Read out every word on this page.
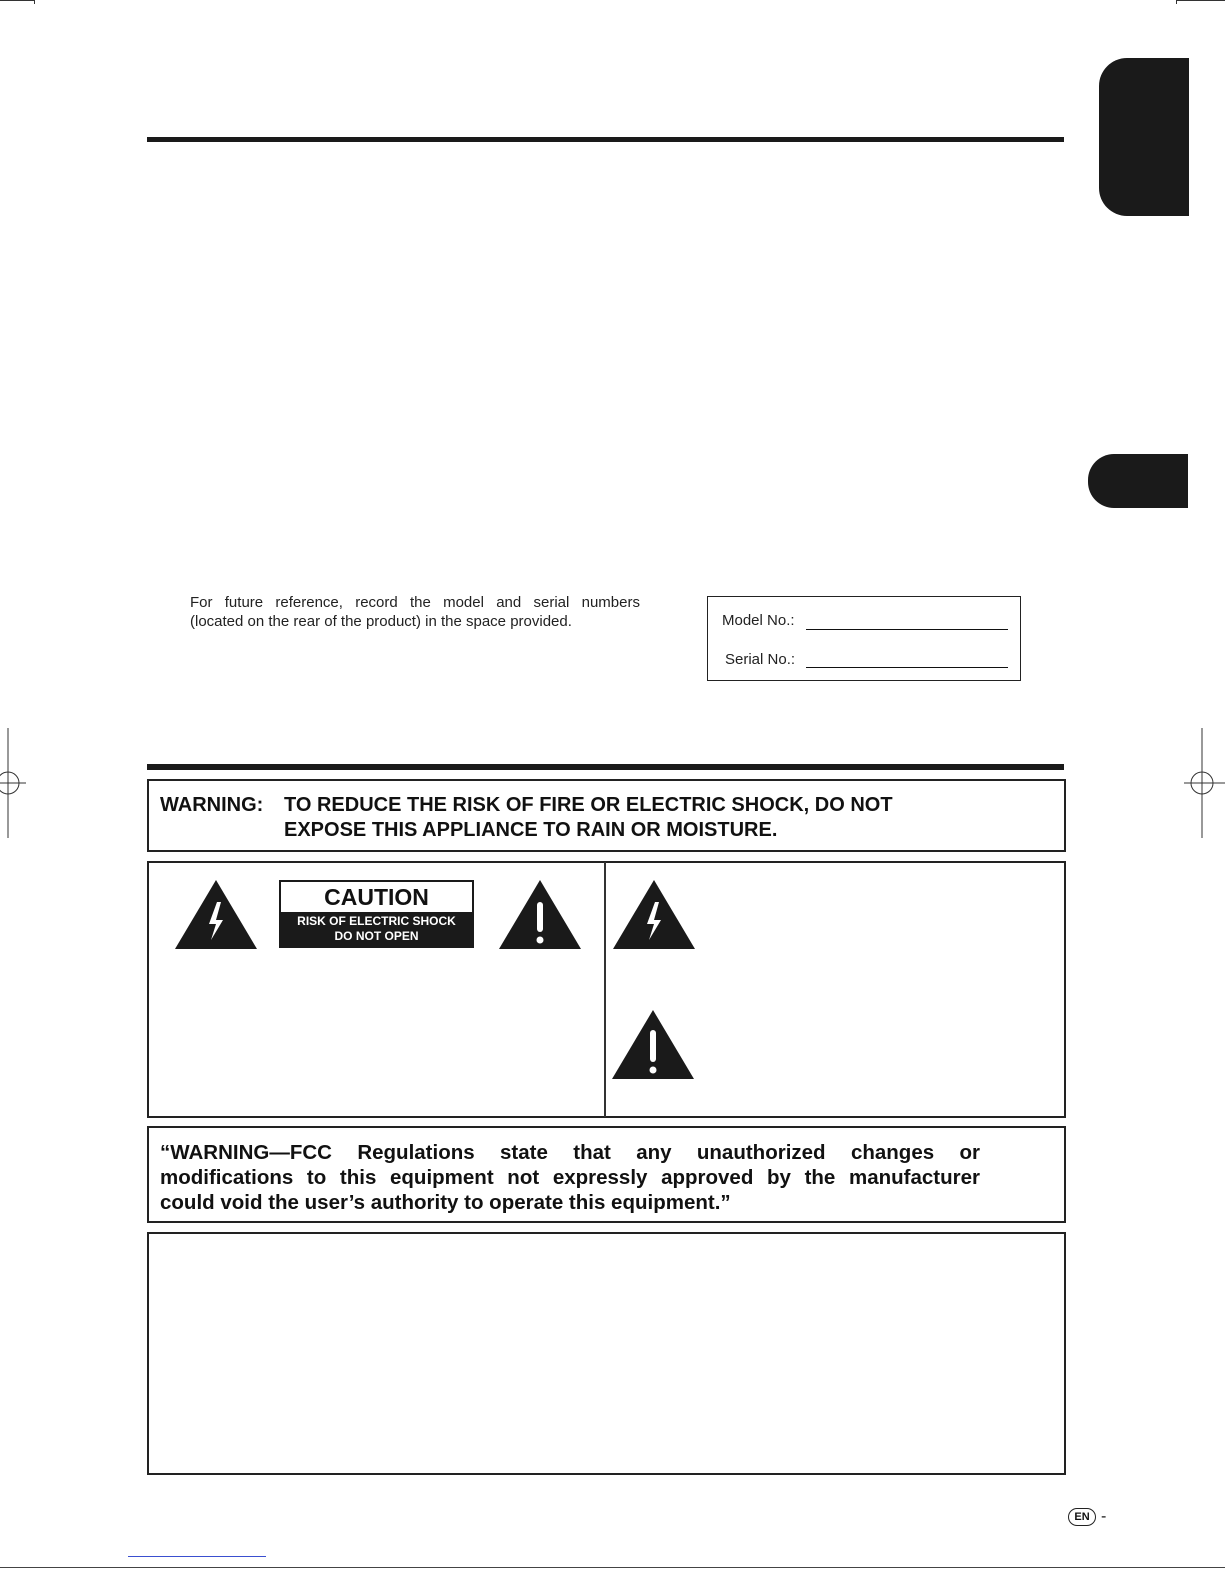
For future reference, record the model and serial numbers
(located on the rear of the product) in the space provided.	Model No.:
Serial No.:
WARNING: TO REDUCE THE RISK OF FIRE OR ELECTRIC SHOCK, DO NOT
EXPOSE THIS APPLIANCE TO RAIN OR MOISTURE.
CAUTION
RISK OF ELECTRIC SHOCK
DO NOT OPEN
“WARNING—FCC Regulations state that any unauthorized changes or
modifications to this equipment not expressly approved by the manufacturer
could void the user’s authority to operate this equipment.”
EN -
